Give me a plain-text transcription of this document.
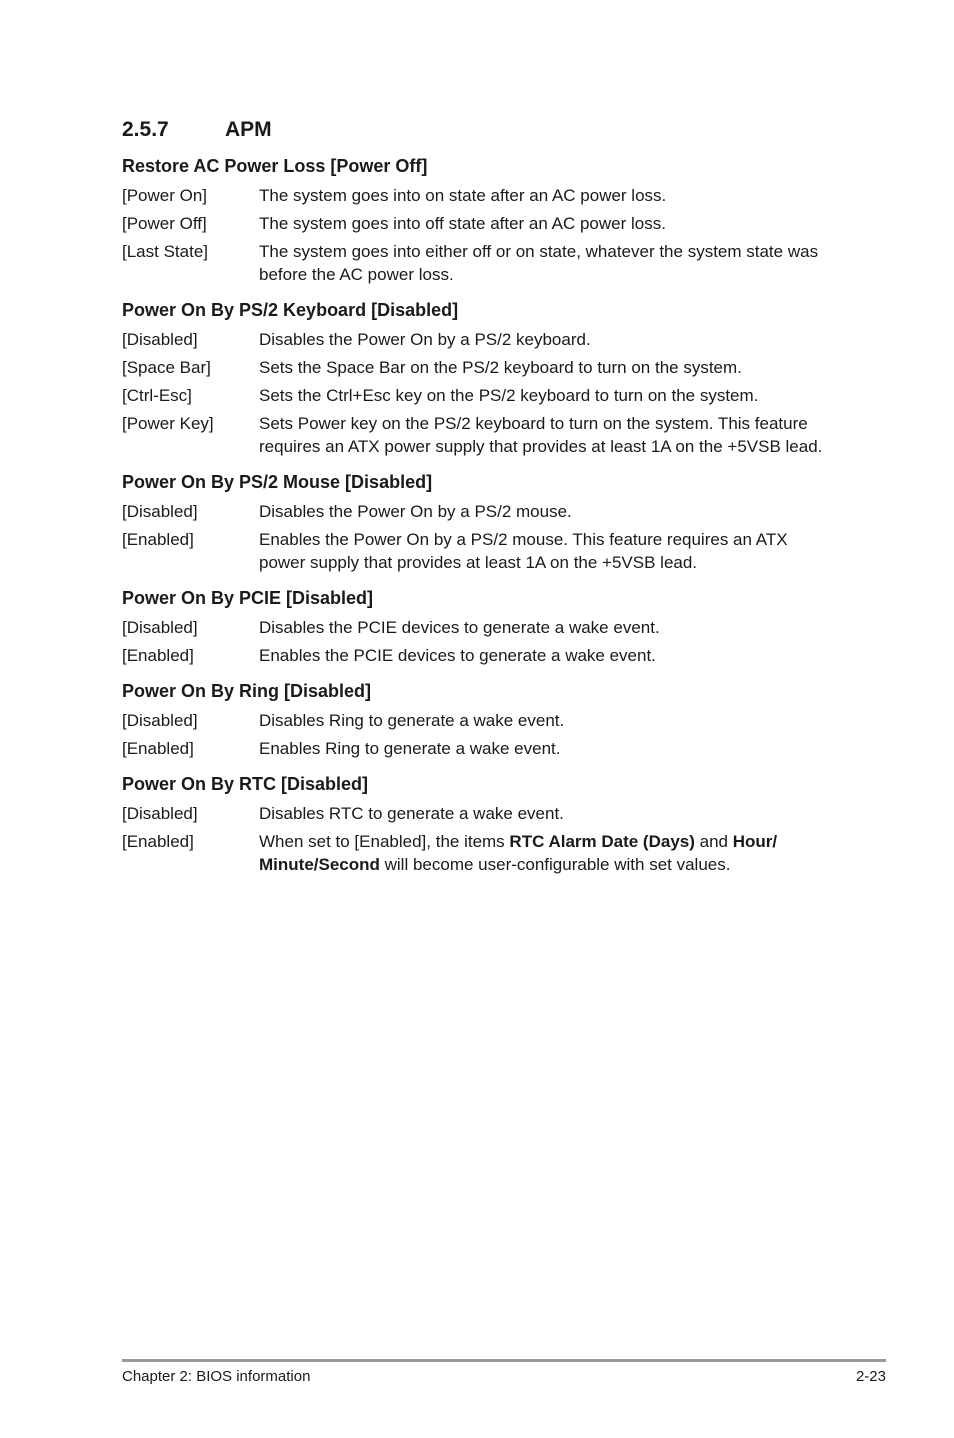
2.5.7	APM
Restore AC Power Loss [Power Off]
[Power On]	The system goes into on state after an AC power loss.
[Power Off]	The system goes into off state after an AC power loss.
[Last State]	The system goes into either off or on state, whatever the system state was before the AC power loss.
Power On By PS/2 Keyboard [Disabled]
[Disabled]	Disables the Power On by a PS/2 keyboard.
[Space Bar]	Sets the Space Bar on the PS/2 keyboard to turn on the system.
[Ctrl-Esc]	Sets the Ctrl+Esc key on the PS/2 keyboard to turn on the system.
[Power Key]	Sets Power key on the PS/2 keyboard to turn on the system. This feature requires an ATX power supply that provides at least 1A on the +5VSB lead.
Power On By PS/2 Mouse [Disabled]
[Disabled]	Disables the Power On by a PS/2 mouse.
[Enabled]	Enables the Power On by a PS/2 mouse. This feature requires an ATX power supply that provides at least 1A on the +5VSB lead.
Power On By PCIE [Disabled]
[Disabled]	Disables the PCIE devices to generate a wake event.
[Enabled]	Enables the PCIE devices to generate a wake event.
Power On By Ring [Disabled]
[Disabled]	Disables Ring to generate a wake event.
[Enabled]	Enables Ring to generate a wake event.
Power On By RTC [Disabled]
[Disabled]	Disables RTC to generate a wake event.
[Enabled]	When set to [Enabled], the items RTC Alarm Date (Days) and Hour/ Minute/Second will become user-configurable with set values.
Chapter 2: BIOS information	2-23
